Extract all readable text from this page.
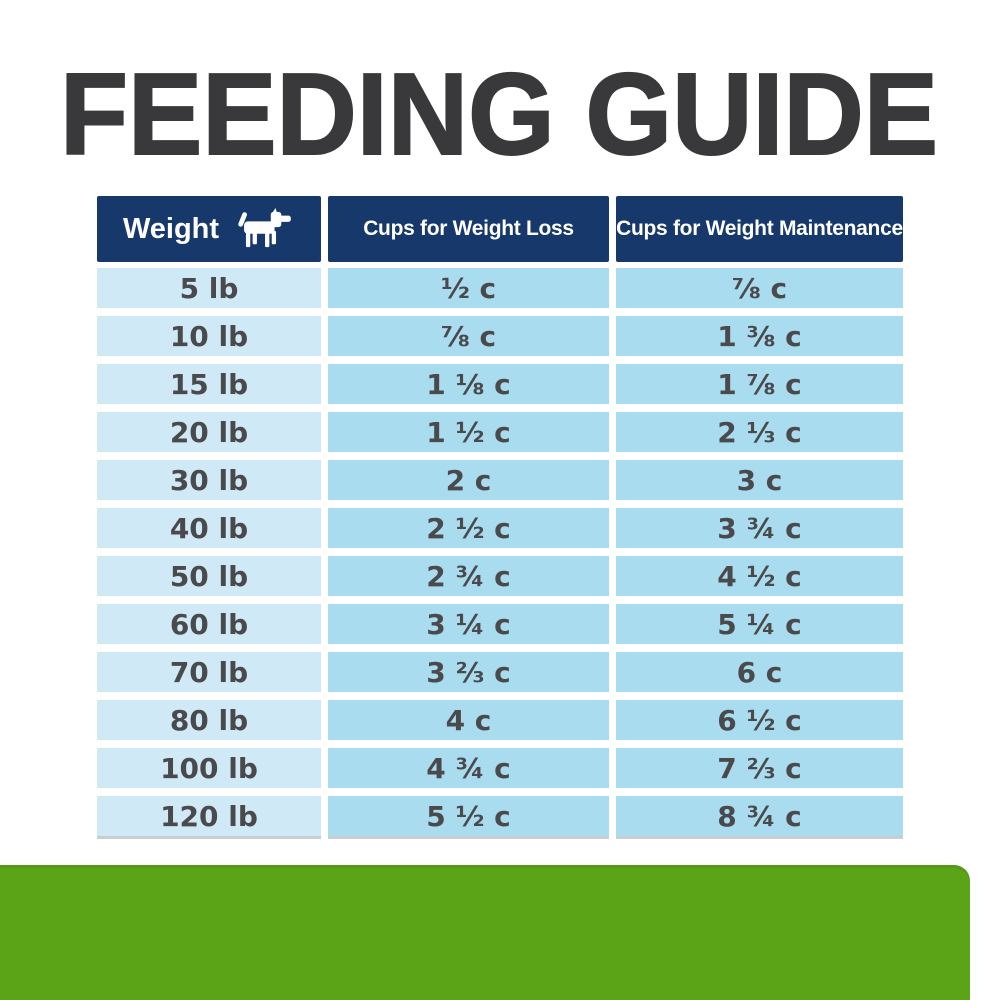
FEEDING GUIDE
Weight	Cups for Weight Loss	Cups for Weight Maintenance
5 lb	½ c	⅞ c
10 lb	⅞ c	1 ⅜ c
15 lb	1 ⅛ c	1 ⅞ c
20 lb	1 ½ c	2 ⅓ c
30 lb	2 c	3 c
40 lb	2 ½ c	3 ¾ c
50 lb	2 ¾ c	4 ½ c
60 lb	3 ¼ c	5 ¼ c
70 lb	3 ⅔ c	6 c
80 lb	4 c	6 ½ c
100 lb	4 ¾ c	7 ⅔ c
120 lb	5 ½ c	8 ¾ c
